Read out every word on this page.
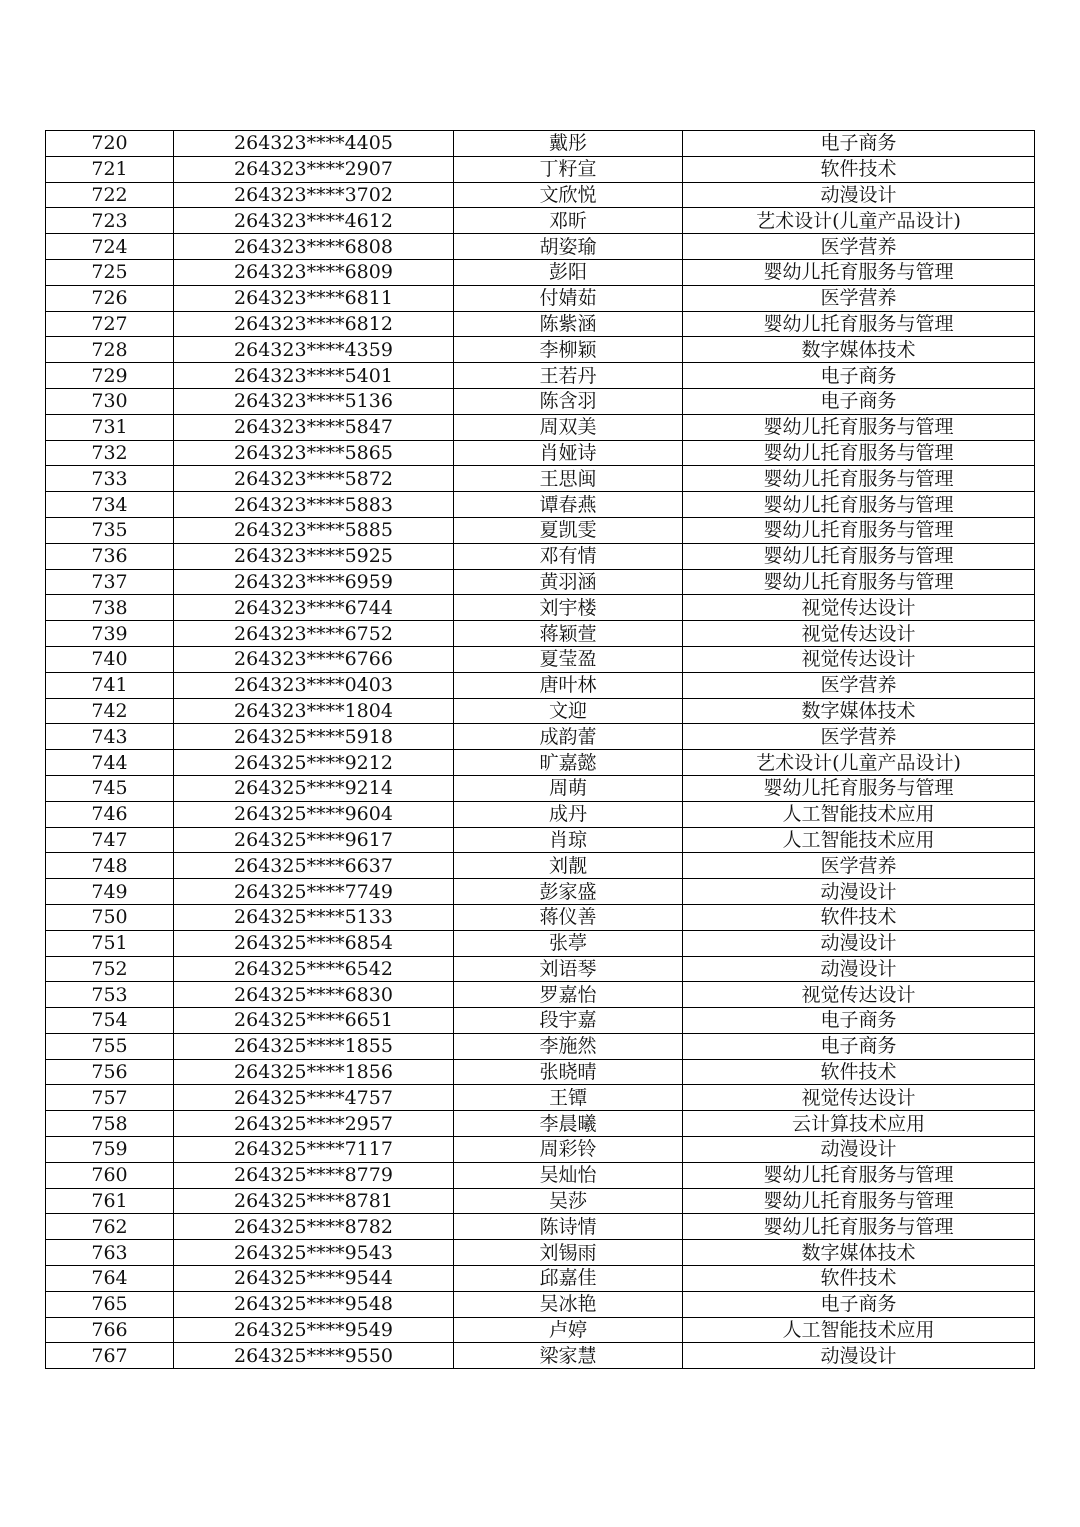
720	264323****4405	戴彤	电子商务
721	264323****2907	丁籽宣	软件技术
722	264323****3702	文欣悦	动漫设计
723	264323****4612	邓昕	艺术设计(儿童产品设计)
724	264323****6808	胡姿瑜	医学营养
725	264323****6809	彭阳	婴幼儿托育服务与管理
726	264323****6811	付婧茹	医学营养
727	264323****6812	陈紫涵	婴幼儿托育服务与管理
728	264323****4359	李柳颖	数字媒体技术
729	264323****5401	王若丹	电子商务
730	264323****5136	陈含羽	电子商务
731	264323****5847	周双美	婴幼儿托育服务与管理
732	264323****5865	肖娅诗	婴幼儿托育服务与管理
733	264323****5872	王思闽	婴幼儿托育服务与管理
734	264323****5883	谭春燕	婴幼儿托育服务与管理
735	264323****5885	夏凯雯	婴幼儿托育服务与管理
736	264323****5925	邓有情	婴幼儿托育服务与管理
737	264323****6959	黄羽涵	婴幼儿托育服务与管理
738	264323****6744	刘宇楼	视觉传达设计
739	264323****6752	蒋颖萱	视觉传达设计
740	264323****6766	夏莹盈	视觉传达设计
741	264323****0403	唐叶林	医学营养
742	264323****1804	文迎	数字媒体技术
743	264325****5918	成韵蕾	医学营养
744	264325****9212	旷嘉懿	艺术设计(儿童产品设计)
745	264325****9214	周萌	婴幼儿托育服务与管理
746	264325****9604	成丹	人工智能技术应用
747	264325****9617	肖琼	人工智能技术应用
748	264325****6637	刘靓	医学营养
749	264325****7749	彭家盛	动漫设计
750	264325****5133	蒋仪善	软件技术
751	264325****6854	张葶	动漫设计
752	264325****6542	刘语琴	动漫设计
753	264325****6830	罗嘉怡	视觉传达设计
754	264325****6651	段宇嘉	电子商务
755	264325****1855	李施然	电子商务
756	264325****1856	张晓晴	软件技术
757	264325****4757	王镡	视觉传达设计
758	264325****2957	李晨曦	云计算技术应用
759	264325****7117	周彩铃	动漫设计
760	264325****8779	吴灿怡	婴幼儿托育服务与管理
761	264325****8781	吴莎	婴幼儿托育服务与管理
762	264325****8782	陈诗情	婴幼儿托育服务与管理
763	264325****9543	刘锡雨	数字媒体技术
764	264325****9544	邱嘉佳	软件技术
765	264325****9548	吴冰艳	电子商务
766	264325****9549	卢婷	人工智能技术应用
767	264325****9550	梁家慧	动漫设计
